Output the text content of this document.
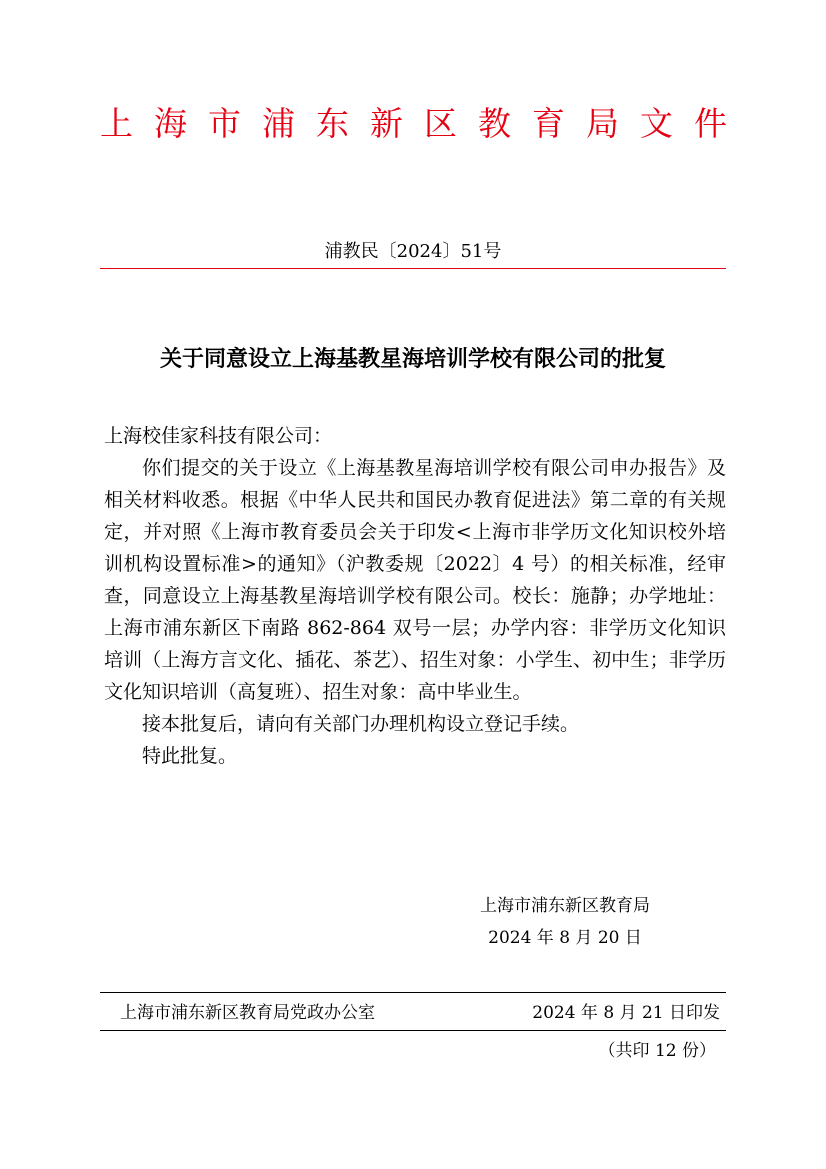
上海市浦东新区教育局文件
浦教民〔2024〕51号
关于同意设立上海基教星海培训学校有限公司的批复

上海校佳家科技有限公司：

你们提交的关于设立《上海基教星海培训学校有限公司申办报告》及相关材料收悉。根据《中华人民共和国民办教育促进法》第二章的有关规定，并对照《上海市教育委员会关于印发<上海市非学历文化知识校外培训机构设置标准>的通知》（沪教委规〔2022〕4 号）的相关标准，经审查，同意设立上海基教星海培训学校有限公司。校长：施静；办学地址：上海市浦东新区下南路 862-864 双号一层；办学内容：非学历文化知识培训（上海方言文化、插花、茶艺）、招生对象：小学生、初中生；非学历文化知识培训（高复班）、招生对象：高中毕业生。

接本批复后，请向有关部门办理机构设立登记手续。

特此批复。

上海市浦东新区教育局
2024 年 8 月 20 日
上海市浦东新区教育局党政办公室	2024 年 8 月 21 日印发
（共印 12 份）
